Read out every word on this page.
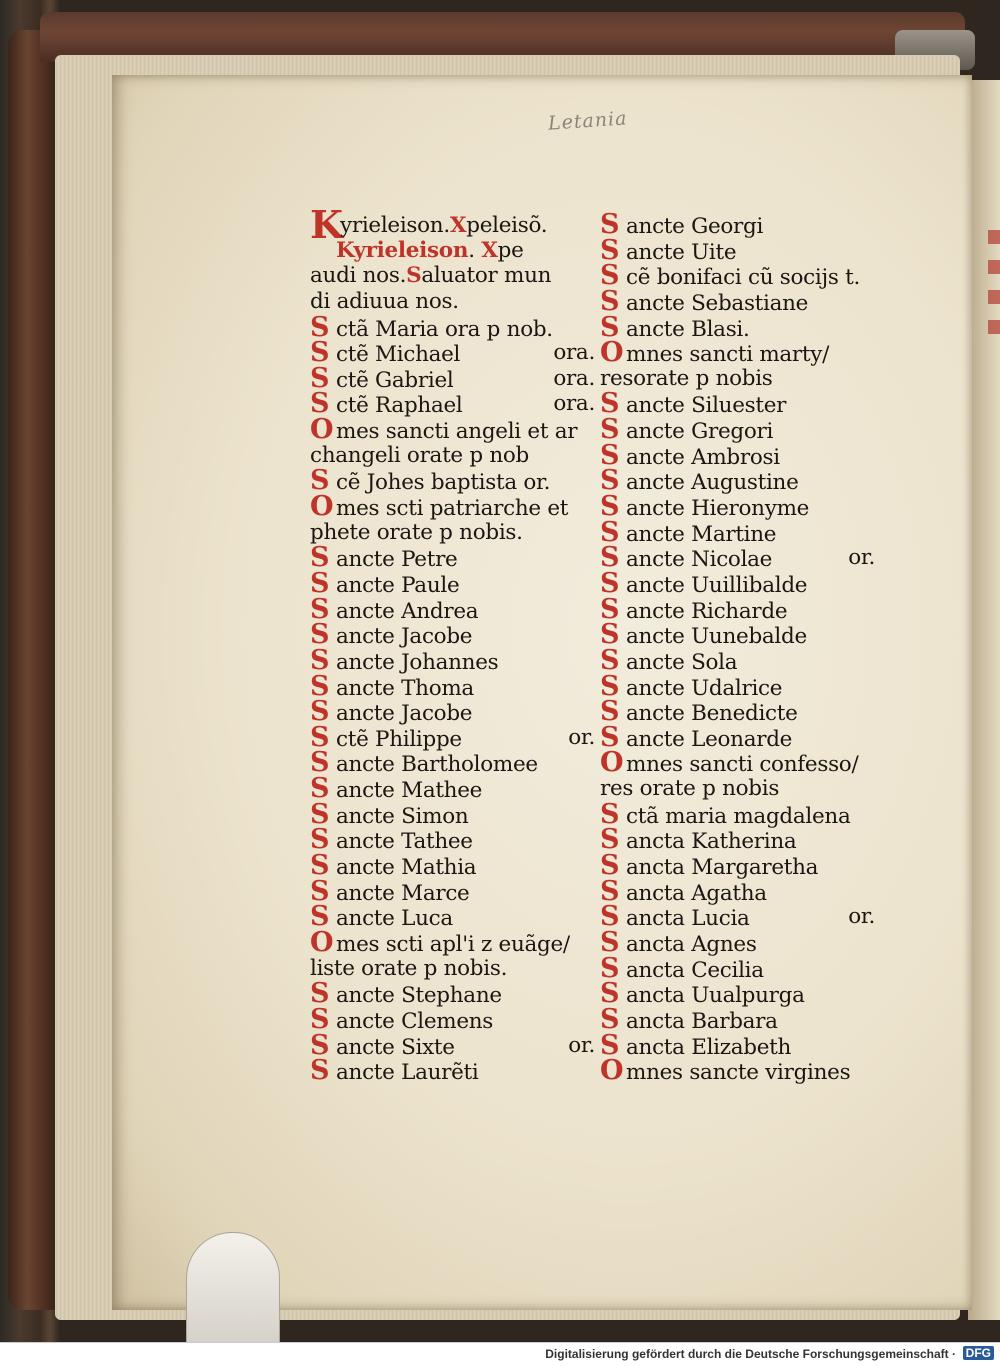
Letania
Kyrieleison.Xpeleisõ.
Kyrieleison. Xpe
audi nos.Saluator mun
di adiuua nos.
S ctã Maria ora p nob.
S ctẽ Michael	ora.
S ctẽ Gabriel	ora.
S ctẽ Raphael	ora.
O mes sancti angeli et ar
changeli orate p nob
S cẽ Johes baptista or.
O mes scti patriarche et
phete orate p nobis.
S ancte Petre
S ancte Paule
S ancte Andrea
S ancte Jacobe
S ancte Johannes
S ancte Thoma
S ancte Jacobe
S ctẽ Philippe	or.
S ancte Bartholomee
S ancte Mathee
S ancte Simon
S ancte Tathee
S ancte Mathia
S ancte Marce
S ancte Luca
O mes scti apl'i z euãge/
liste orate p nobis.
S ancte Stephane
S ancte Clemens
S ancte Sixte	or.
S ancte Laurẽti
S ancte Georgi
S ancte Uite
S cẽ bonifaci cũ socijs t.
S ancte Sebastiane
S ancte Blasi.
O mnes sancti marty/
resorate p nobis
S ancte Siluester
S ancte Gregori
S ancte Ambrosi
S ancte Augustine
S ancte Hieronyme
S ancte Martine
S ancte Nicolae	or.
S ancte Uuillibalde
S ancte Richarde
S ancte Uunebalde
S ancte Sola
S ancte Udalrice
S ancte Benedicte
S ancte Leonarde
O mnes sancti confesso/
res orate p nobis
S ctã maria magdalena
S ancta Katherina
S ancta Margaretha
S ancta Agatha
S ancta Lucia	or.
S ancta Agnes
S ancta Cecilia
S ancta Uualpurga
S ancta Barbara
S ancta Elizabeth
O mnes sancte virgines
Digitalisierung gefördert durch die Deutsche Forschungsgemeinschaft · DFG
